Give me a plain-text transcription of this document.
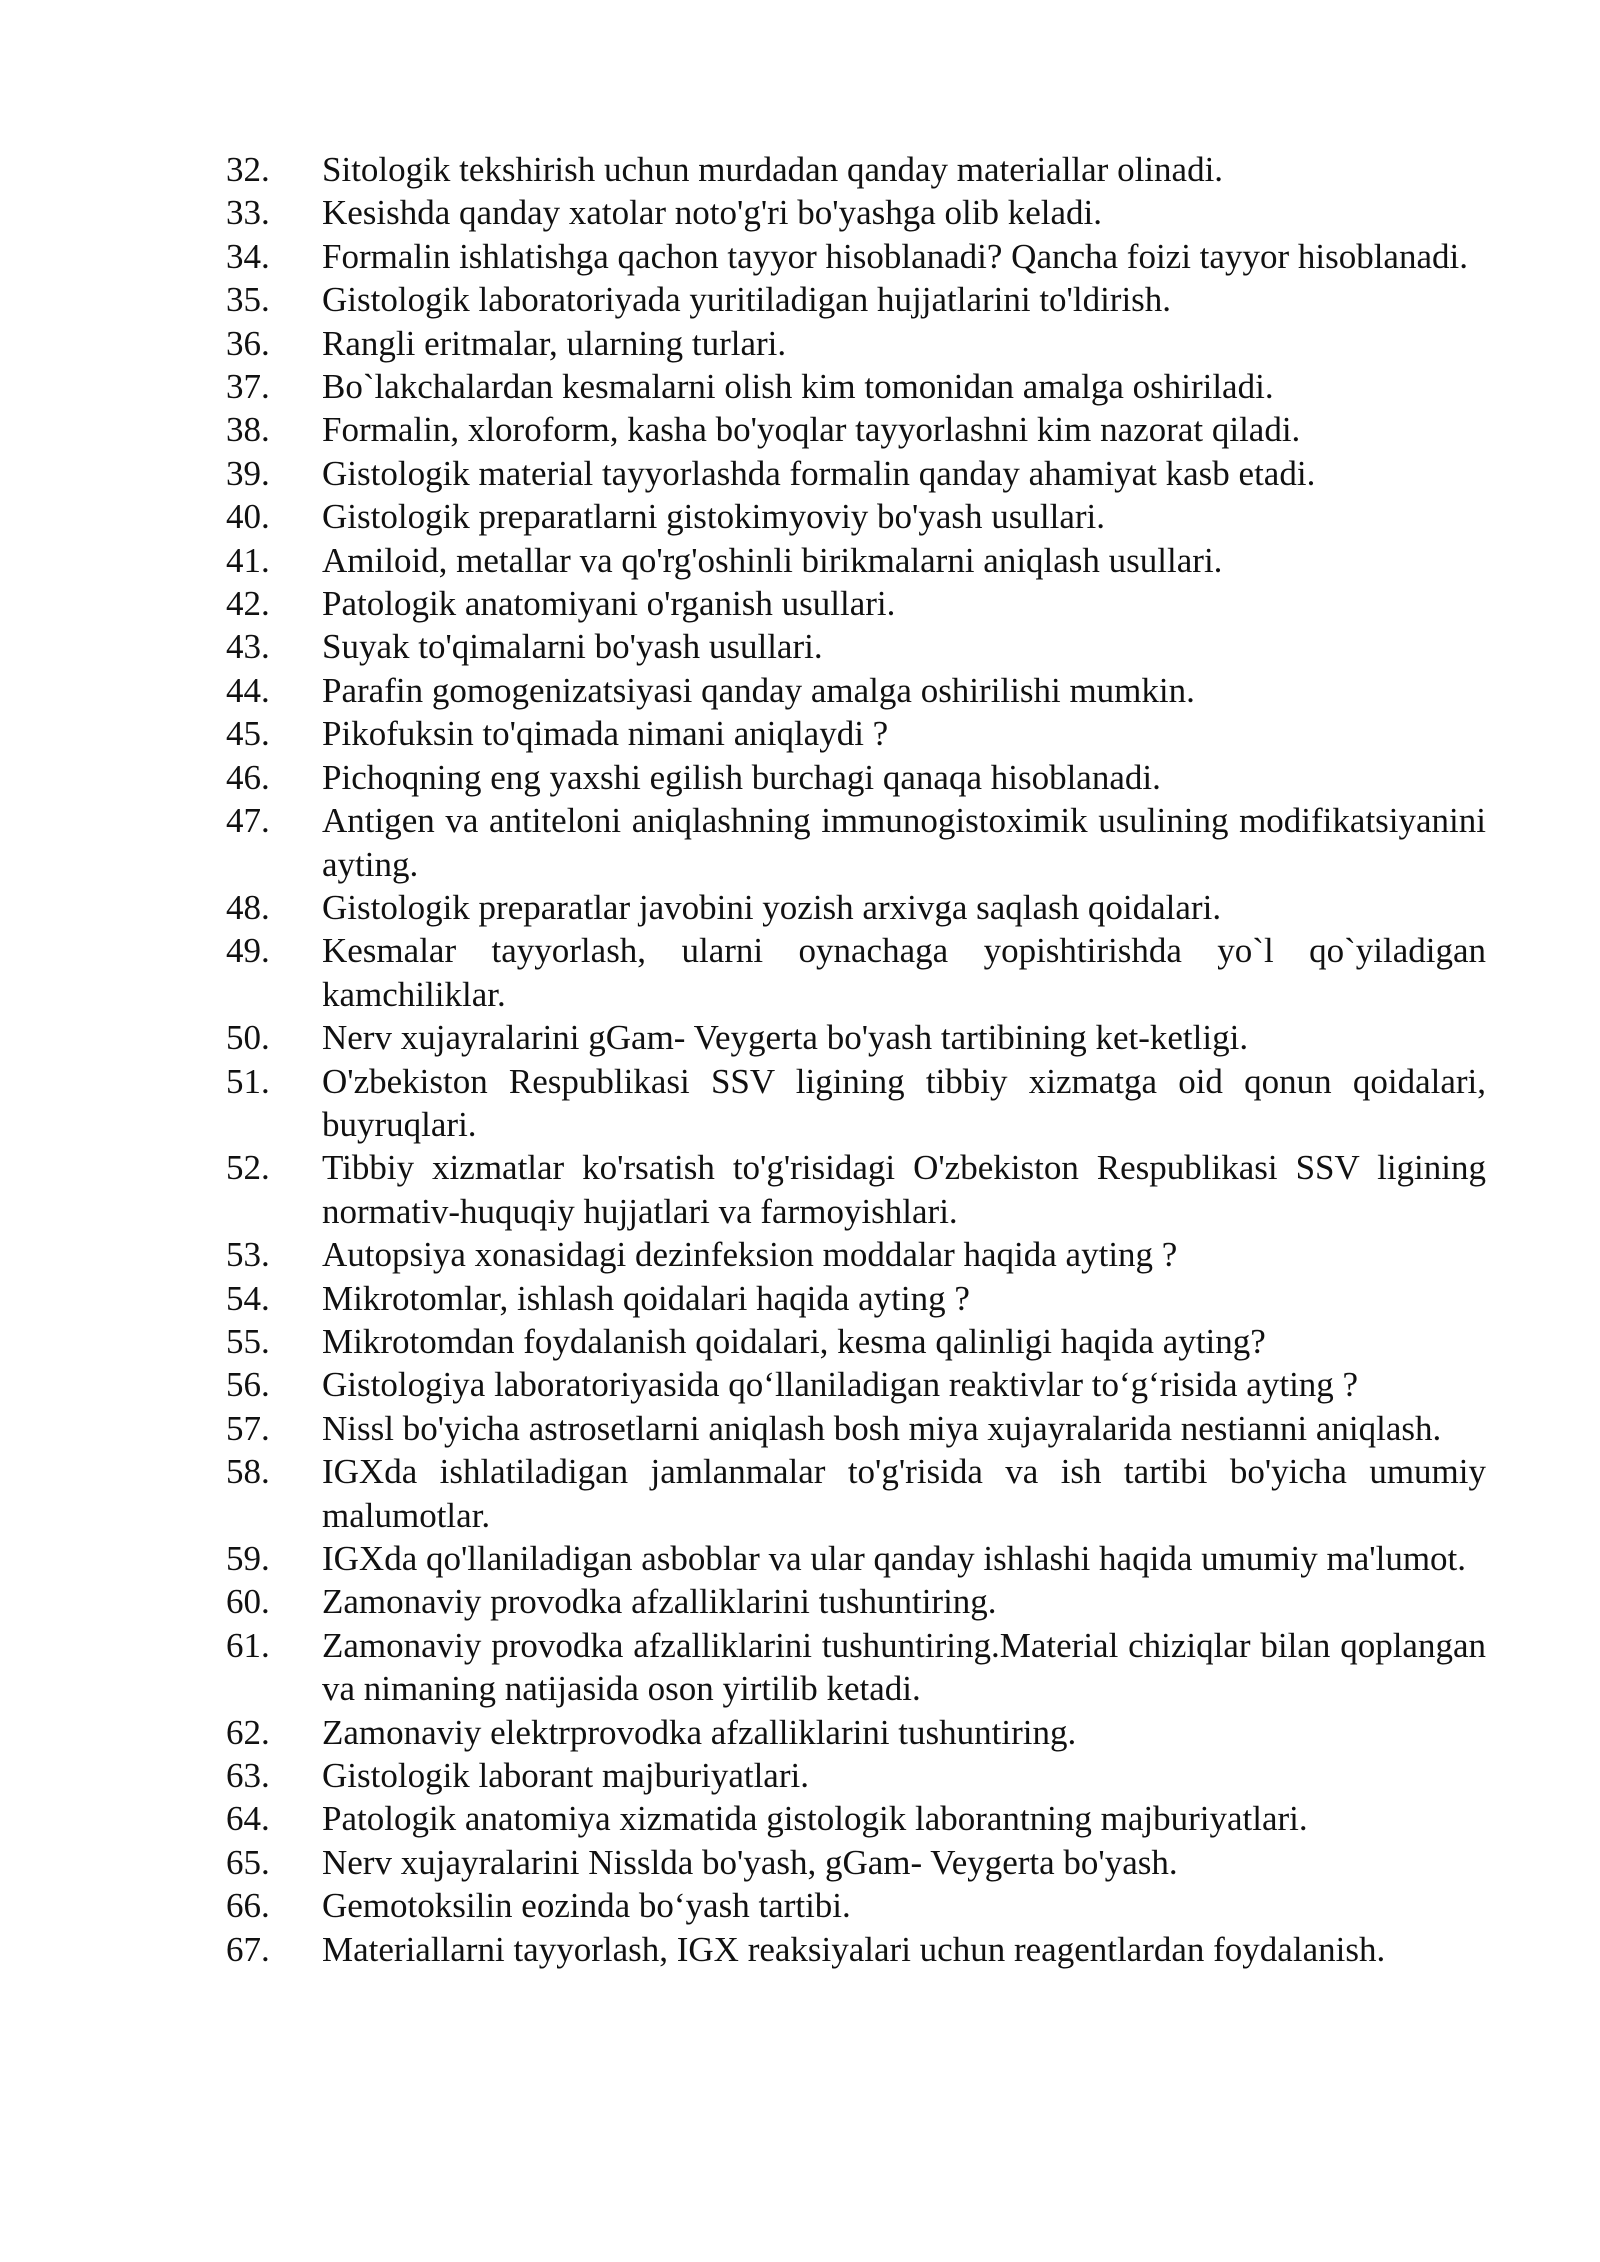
32.	Sitologik tekshirish uchun murdadan qanday materiallar olinadi.
33.	Kesishda qanday xatolar noto'g'ri bo'yashga olib keladi.
34.	Formalin ishlatishga qachon tayyor hisoblanadi? Qancha foizi tayyor hisoblanadi.
35.	Gistologik laboratoriyada yuritiladigan hujjatlarini to'ldirish.
36.	Rangli eritmalar, ularning turlari.
37.	Bo`lakchalardan kesmalarni olish kim tomonidan amalga oshiriladi.
38.	Formalin, xloroform, kasha bo'yoqlar tayyorlashni kim nazorat qiladi.
39.	Gistologik material tayyorlashda formalin qanday ahamiyat kasb etadi.
40.	Gistologik preparatlarni gistokimyoviy bo'yash usullari.
41.	Amiloid, metallar va qo'rg'oshinli birikmalarni aniqlash usullari.
42.	Patologik anatomiyani o'rganish usullari.
43.	Suyak to'qimalarni bo'yash usullari.
44.	Parafin gomogenizatsiyasi qanday amalga oshirilishi mumkin.
45.	Pikofuksin to'qimada nimani aniqlaydi ?
46.	Pichoqning eng yaxshi egilish burchagi qanaqa hisoblanadi.
47.	Antigen va antiteloni aniqlashning immunogistoximik usulining modifikatsiyanini ayting.
48.	Gistologik preparatlar javobini yozish arxivga saqlash qoidalari.
49.	Kesmalar tayyorlash, ularni oynachaga yopishtirishda yo`l qo`yiladigan kamchiliklar.
50.	Nerv xujayralarini gGam- Veygerta bo'yash tartibining ket-ketligi.
51.	O'zbekiston Respublikasi SSV ligining tibbiy xizmatga oid qonun qoidalari, buyruqlari.
52.	Tibbiy xizmatlar ko'rsatish to'g'risidagi O'zbekiston Respublikasi SSV ligining normativ-huquqiy hujjatlari va farmoyishlari.
53.	Autopsiya xonasidagi dezinfeksion moddalar haqida ayting ?
54.	Mikrotomlar, ishlash qoidalari haqida ayting ?
55.	Mikrotomdan foydalanish qoidalari, kesma qalinligi haqida ayting?
56.	Gistologiya laboratoriyasida qo‘llaniladigan reaktivlar to‘g‘risida ayting ?
57.	Nissl bo'yicha astrosetlarni aniqlash bosh miya xujayralarida nestianni aniqlash.
58.	IGXda ishlatiladigan jamlanmalar to'g'risida va ish tartibi bo'yicha umumiy malumotlar.
59.	IGXda qo'llaniladigan asboblar va ular qanday ishlashi haqida umumiy ma'lumot.
60.	Zamonaviy provodka afzalliklarini tushuntiring.
61.	Zamonaviy provodka afzalliklarini tushuntiring.Material chiziqlar bilan qoplangan va nimaning natijasida oson yirtilib ketadi.
62.	Zamonaviy elektrprovodka afzalliklarini tushuntiring.
63.	Gistologik laborant majburiyatlari.
64.	Patologik anatomiya xizmatida gistologik laborantning majburiyatlari.
65.	Nerv xujayralarini Nissldа bo'yash, gGam- Veygerta bo'yash.
66.	Gemotoksilin eozinda bo‘yash tartibi.
67.	Materiallarni tayyorlash, IGX reaksiyalari uchun reagentlardan foydalanish.
